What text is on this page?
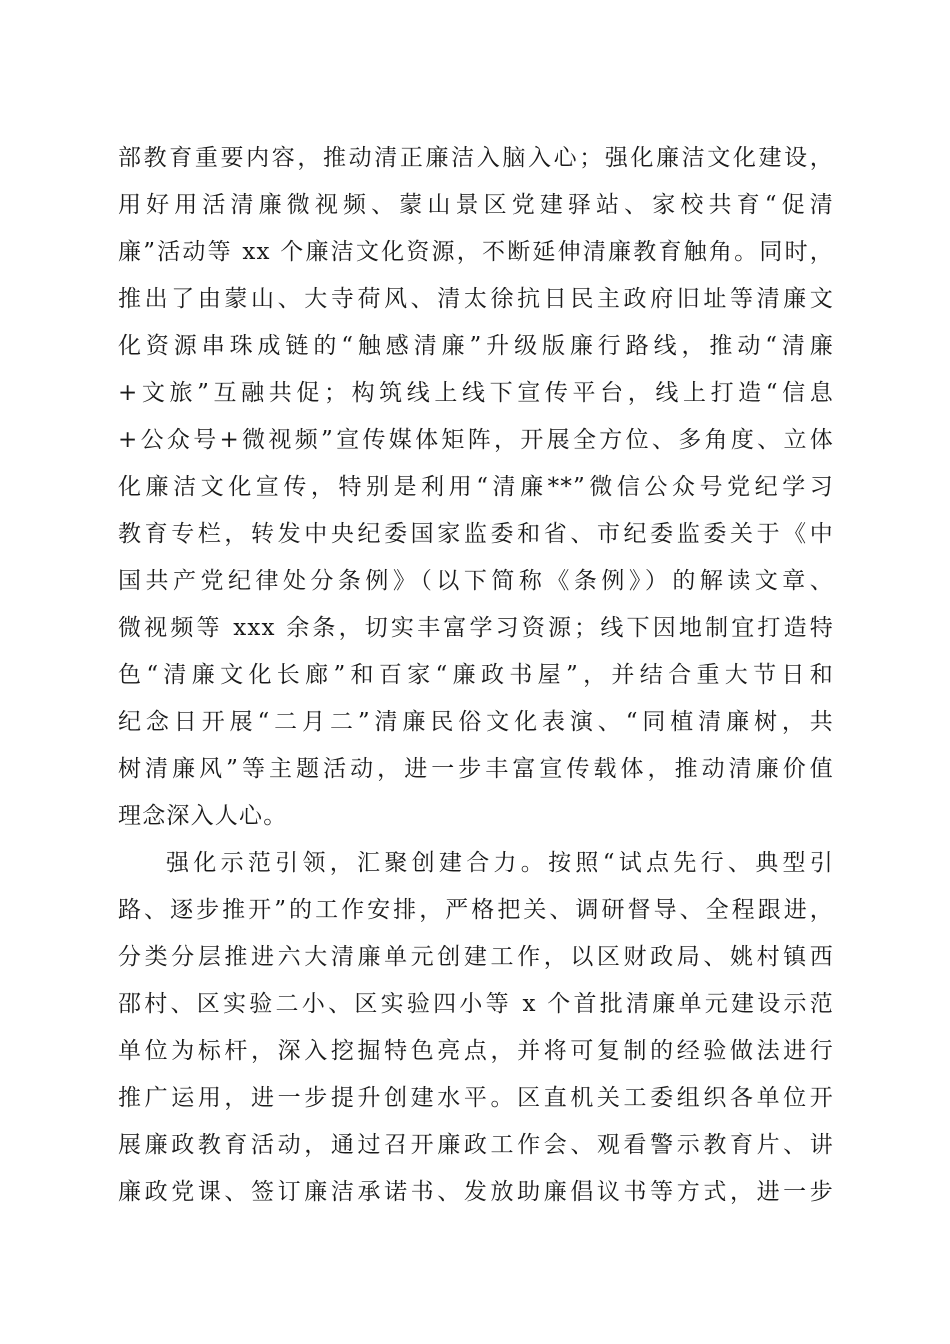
部教育重要内容，推动清正廉洁入脑入心；强化廉洁文化建设，
用好用活清廉微视频、蒙山景区党建驿站、家校共育“促清
廉”活动等 xx 个廉洁文化资源，不断延伸清廉教育触角。同时，
推出了由蒙山、大寺荷风、清太徐抗日民主政府旧址等清廉文
化资源串珠成链的“触感清廉”升级版廉行路线，推动“清廉
+文旅”互融共促；构筑线上线下宣传平台，线上打造“信息
+公众号+微视频”宣传媒体矩阵，开展全方位、多角度、立体
化廉洁文化宣传，特别是利用“清廉**”微信公众号党纪学习
教育专栏，转发中央纪委国家监委和省、市纪委监委关于《中
国共产党纪律处分条例》（以下简称《条例》）的解读文章、
微视频等 xxx 余条，切实丰富学习资源；线下因地制宜打造特
色“清廉文化长廊”和百家“廉政书屋”，并结合重大节日和
纪念日开展“二月二”清廉民俗文化表演、“同植清廉树，共
树清廉风”等主题活动，进一步丰富宣传载体，推动清廉价值
理念深入人心。
强化示范引领，汇聚创建合力。按照“试点先行、典型引
路、逐步推开”的工作安排，严格把关、调研督导、全程跟进，
分类分层推进六大清廉单元创建工作，以区财政局、姚村镇西
邵村、区实验二小、区实验四小等 x 个首批清廉单元建设示范
单位为标杆，深入挖掘特色亮点，并将可复制的经验做法进行
推广运用，进一步提升创建水平。区直机关工委组织各单位开
展廉政教育活动，通过召开廉政工作会、观看警示教育片、讲
廉政党课、签订廉洁承诺书、发放助廉倡议书等方式，进一步
